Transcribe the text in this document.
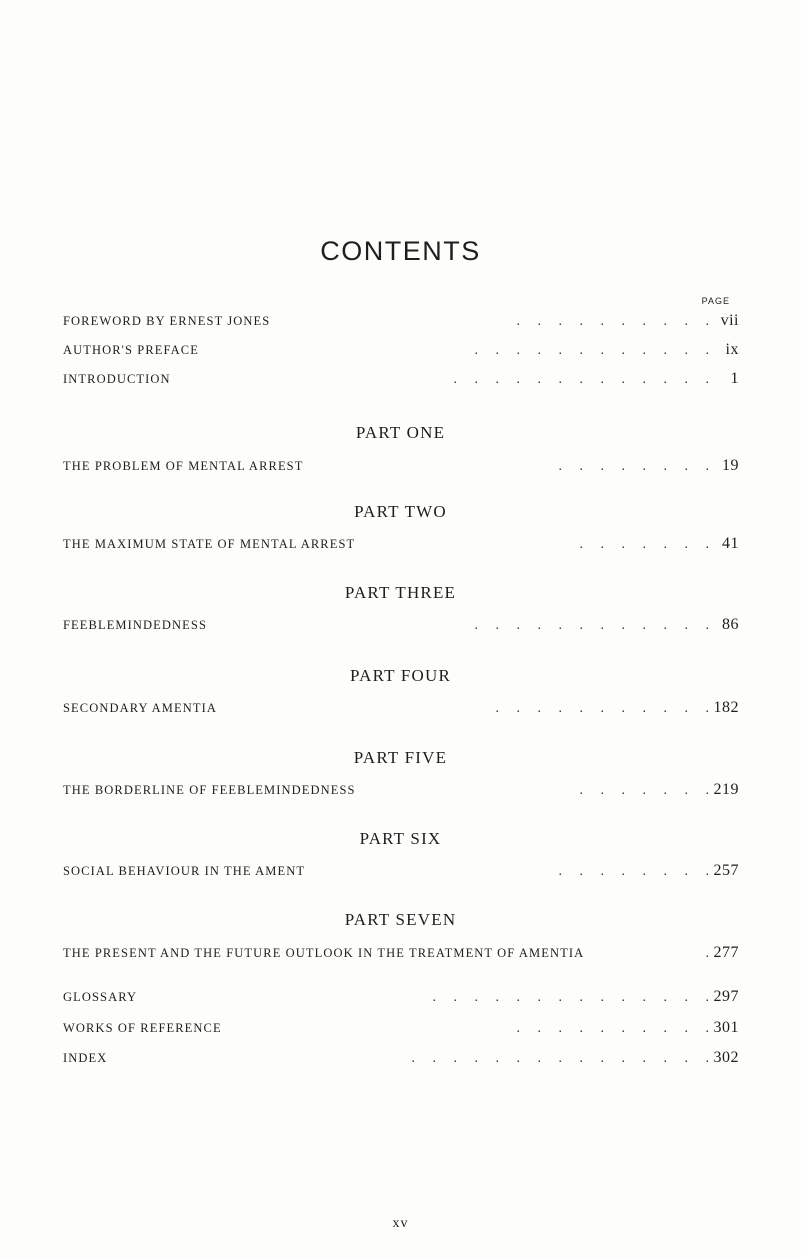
CONTENTS
PAGE
FOREWORD BY ERNEST JONES	.     .     .     .     .     .     .     .     .     . vii
AUTHOR'S PREFACE	.     .     .     .     .     .     .     .     .     .     .     .	ix
INTRODUCTION	.     .     .     .     .     .     .     .     .     .     .     .     .	1
PART ONE
THE PROBLEM OF MENTAL ARREST	.     .     .     .     .     .     .     . 19
PART TWO
THE MAXIMUM STATE OF MENTAL ARREST	.     .     .     .     .     .     . 41
PART THREE
FEEBLEMINDEDNESS	.     .     .     .     .     .     .     .     .     .     .     . 86
PART FOUR
SECONDARY AMENTIA	.     .     .     .     .     .     .     .     .     .     . 182
PART FIVE
THE BORDERLINE OF FEEBLEMINDEDNESS	.     .     .     .     .     .     . 219
PART SIX
SOCIAL BEHAVIOUR IN THE AMENT	.     .     .     .     .     .     .     . 257
PART SEVEN
THE PRESENT AND THE FUTURE OUTLOOK IN THE TREATMENT OF AMENTIA	. 277
GLOSSARY	.     .     .     .     .     .     .     .     .     .     .     .     .     . 297
WORKS OF REFERENCE	.     .     .     .     .     .     .     .     .     . 301
INDEX	.     .     .     .     .     .     .     .     .     .     .     .     .     .     . 302
xv
